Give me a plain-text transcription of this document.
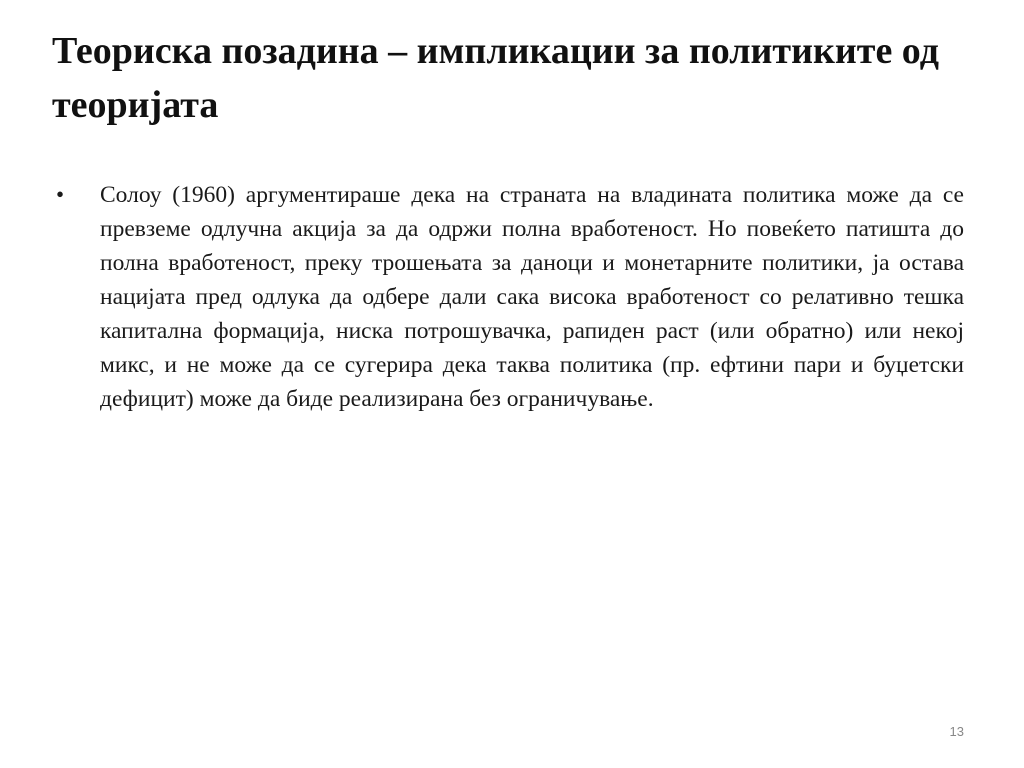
Теориска позадина – импликации за политиките од теоријата
• Солоу (1960) аргументираше дека на страната на владината политика може да се превземе одлучна акција за да одржи полна вработеност. Но повеќето патишта до полна вработеност, преку трошењата за даноци и монетарните политики, ја остава нацијата пред одлука да одбере дали сака висока вработеност со релативно тешка капитална формација, ниска потрошувачка, рапиден раст (или обратно) или некој микс, и не може да се сугерира дека таква политика (пр. ефтини пари и буџетски дефицит) може да биде реализирана без ограничување.
13
